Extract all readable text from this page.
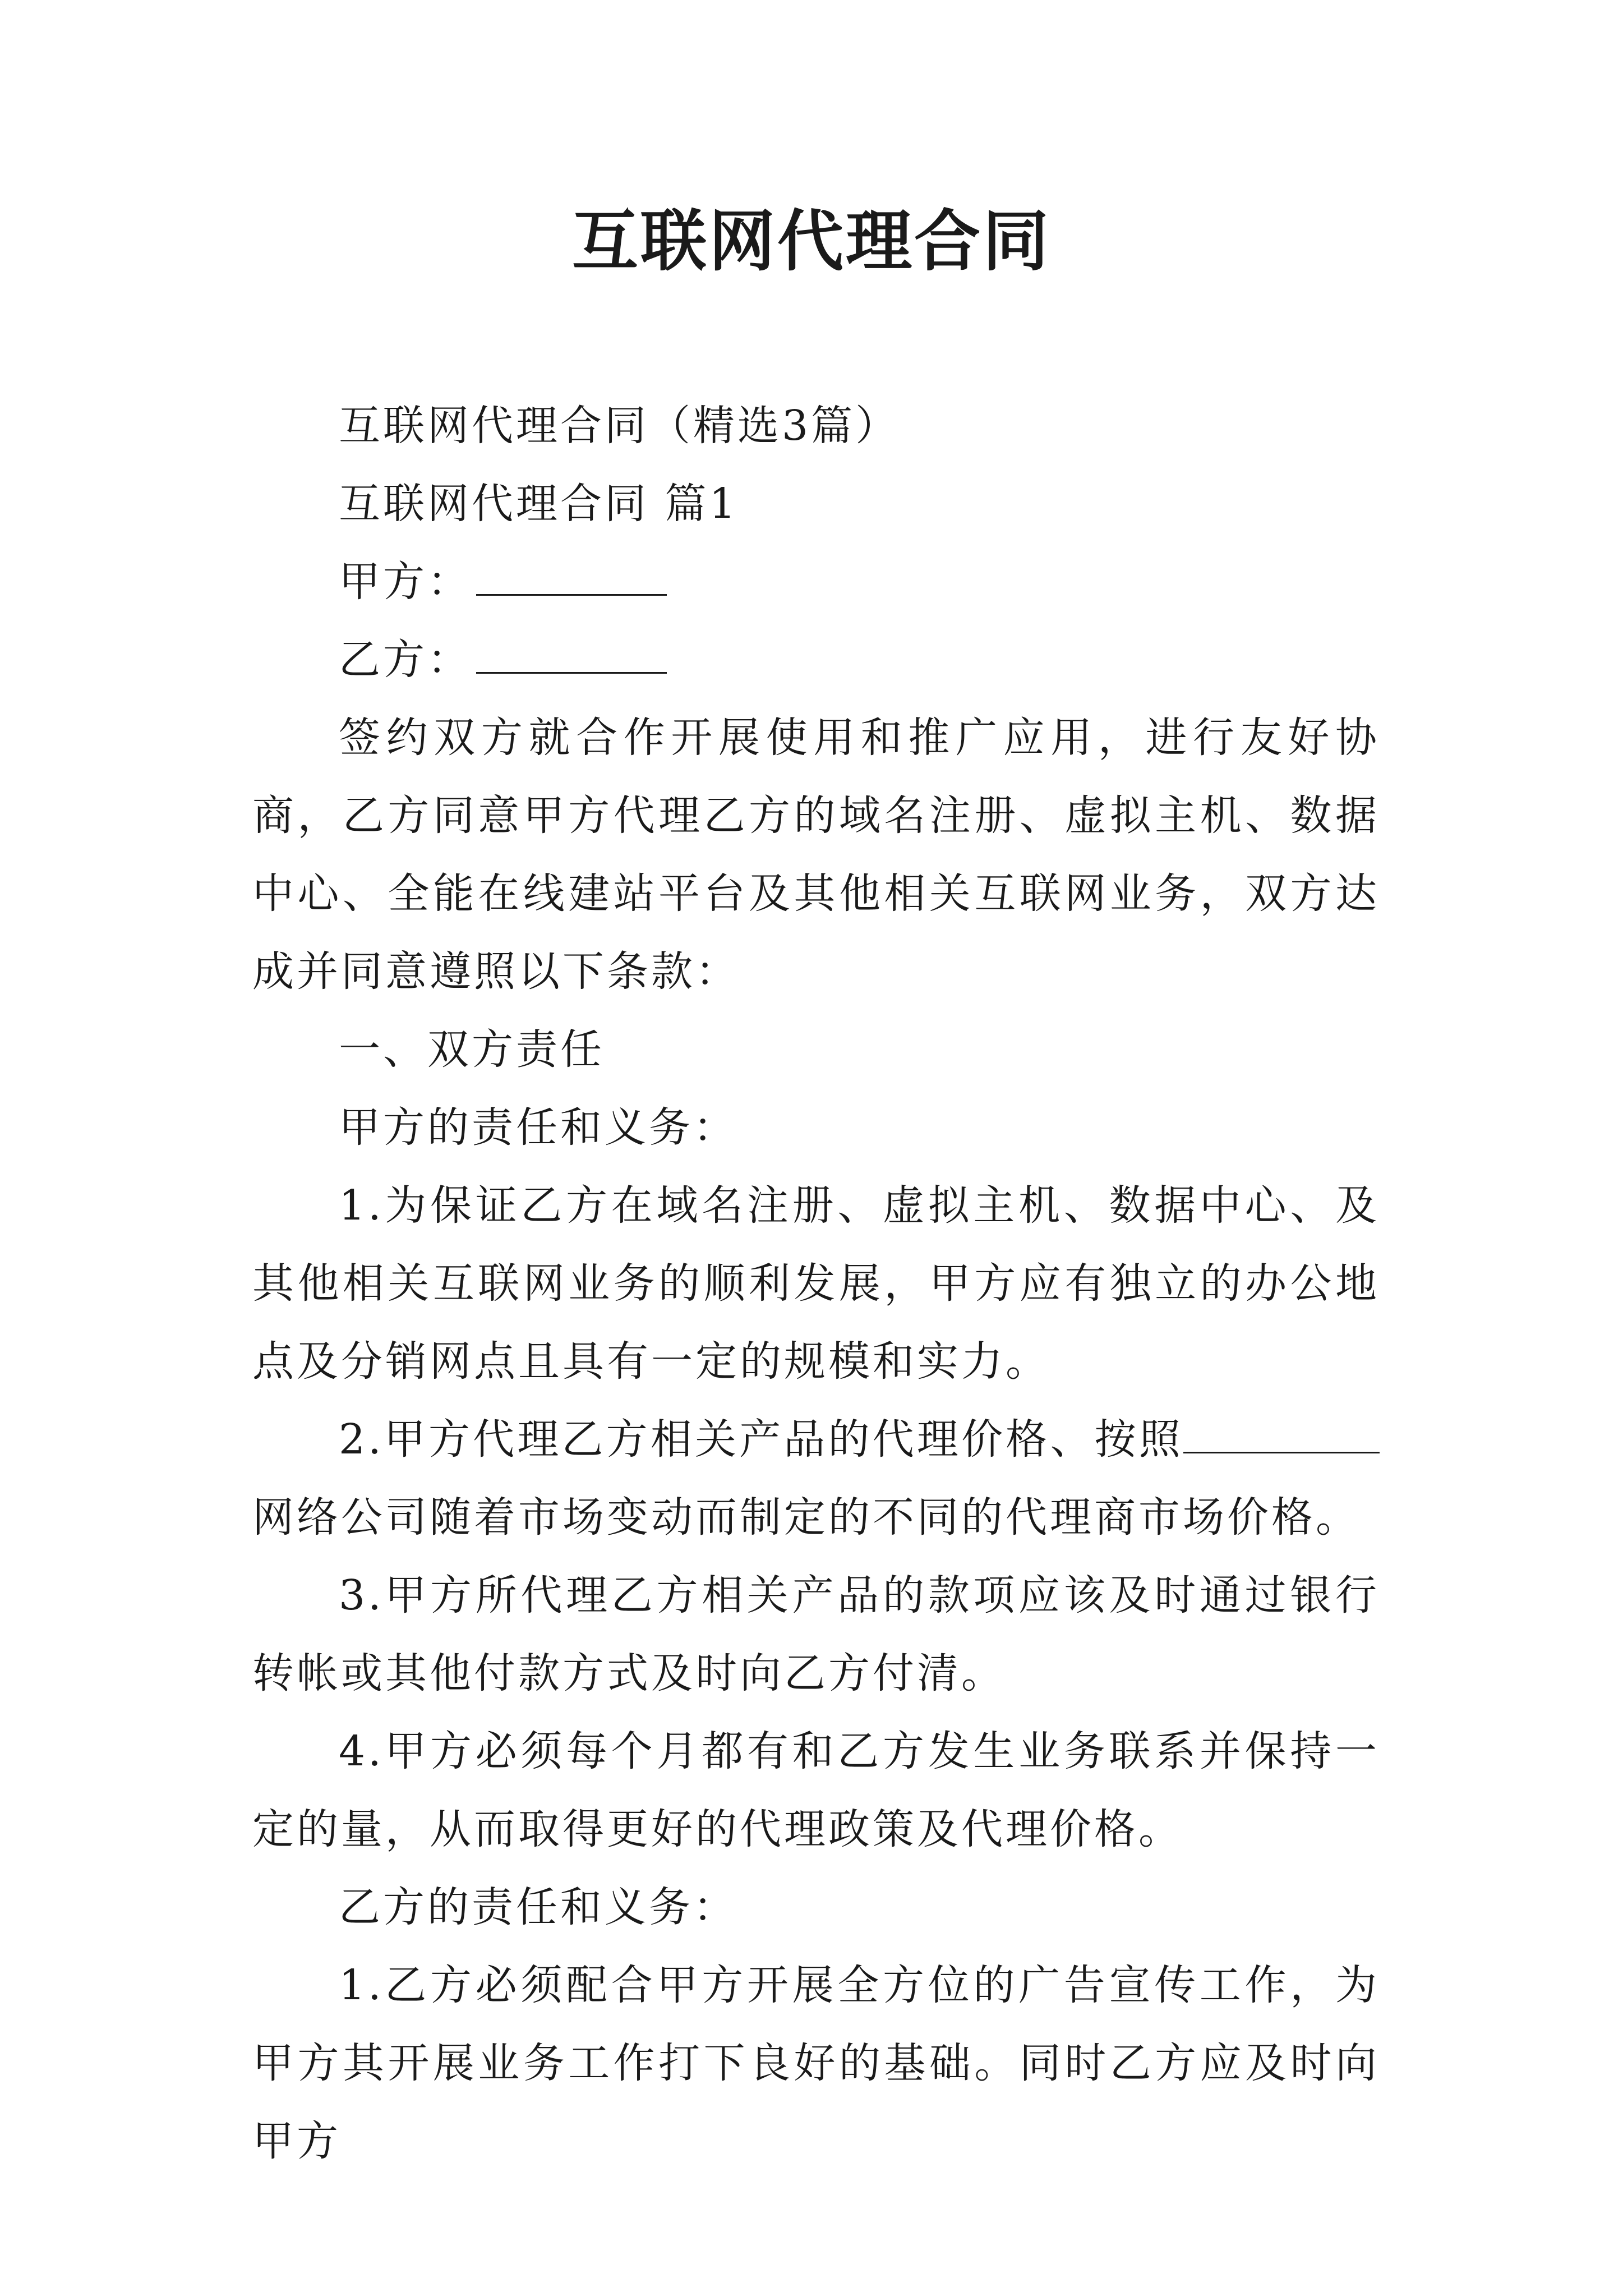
互联网代理合同

互联网代理合同（精选3篇）

互联网代理合同 篇1

甲方：

乙方：

签约双方就合作开展使用和推广应用，进行友好协商，乙方同意甲方代理乙方的域名注册、虚拟主机、数据中心、全能在线建站平台及其他相关互联网业务，双方达成并同意遵照以下条款：

一、双方责任

甲方的责任和义务：

1.为保证乙方在域名注册、虚拟主机、数据中心、及其他相关互联网业务的顺利发展，甲方应有独立的办公地点及分销网点且具有一定的规模和实力。

2.甲方代理乙方相关产品的代理价格、按照网络公司随着市场变动而制定的不同的代理商市场价格。

3.甲方所代理乙方相关产品的款项应该及时通过银行转帐或其他付款方式及时向乙方付清。

4.甲方必须每个月都有和乙方发生业务联系并保持一定的量，从而取得更好的代理政策及代理价格。

乙方的责任和义务：

1.乙方必须配合甲方开展全方位的广告宣传工作，为甲方其开展业务工作打下良好的基础。同时乙方应及时向甲方
